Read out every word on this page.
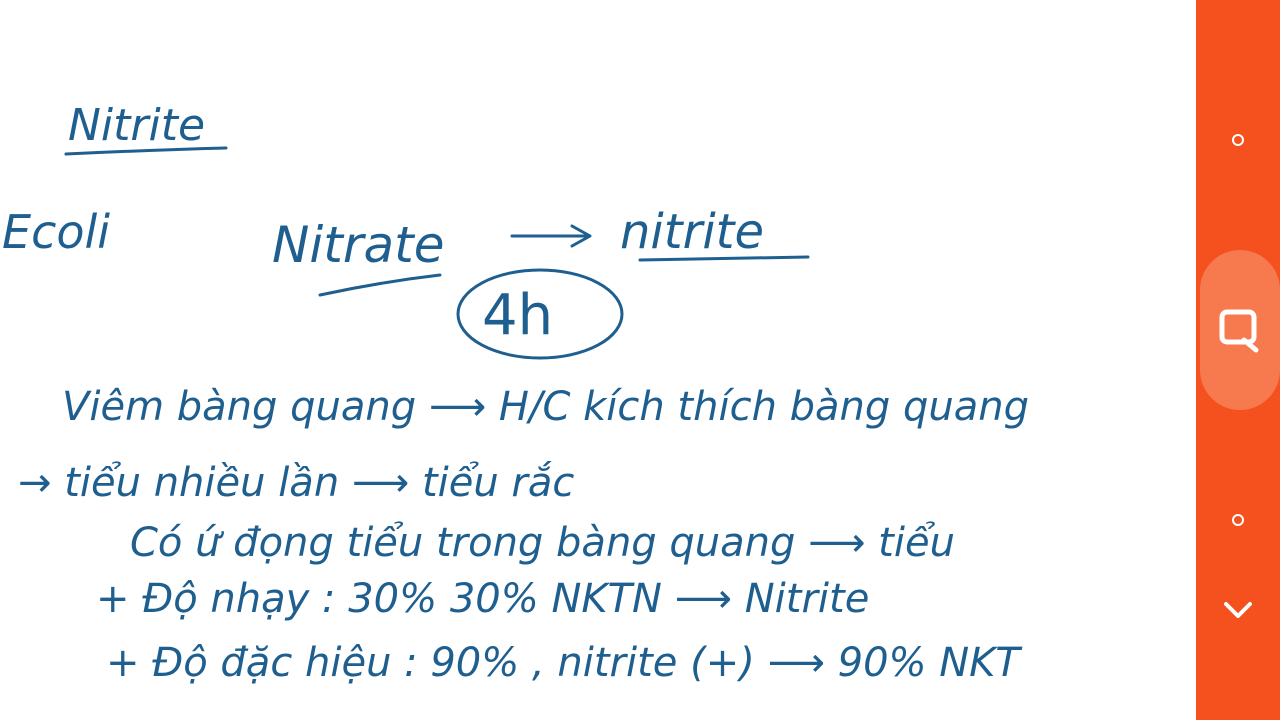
Nitrite
Ecoli	Nitrate	nitrite
4h
Viêm bàng quang ⟶ H/C kích thích bàng quang
→ tiểu nhiều lần ⟶ tiểu rắc
Có ứ đọng tiểu trong bàng quang ⟶ tiểu
+ Độ nhạy : 30% 30% NKTN ⟶ Nitrite
+ Độ đặc hiệu : 90% , nitrite (+) ⟶ 90% NKT
